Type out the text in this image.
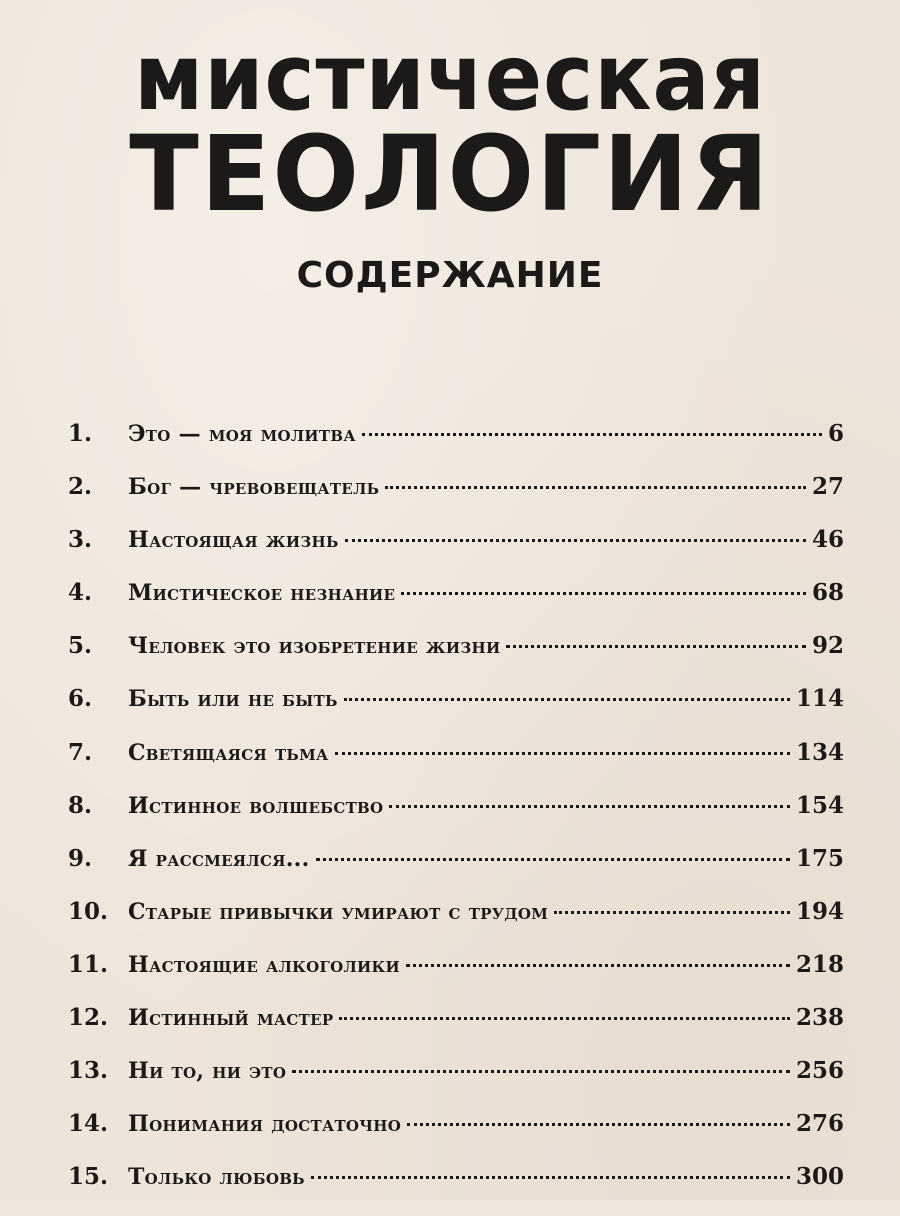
мистическая
ТЕОЛОГИЯ
СОДЕРЖАНИЕ
1.	Это — моя молитва	6
2.	Бог — чревовещатель	27
3.	Настоящая жизнь	46
4.	Мистическое незнание	68
5.	Человек это изобретение жизни	92
6.	Быть или не быть	114
7.	Светящаяся тьма	134
8.	Истинное волшебство	154
9.	Я рассмеялся...	175
10. Старые привычки умирают с трудом	194
11. Настоящие алкоголики	218
12. Истинный мастер	238
13. Ни то, ни это	256
14. Понимания достаточно	276
15. Только любовь	300
